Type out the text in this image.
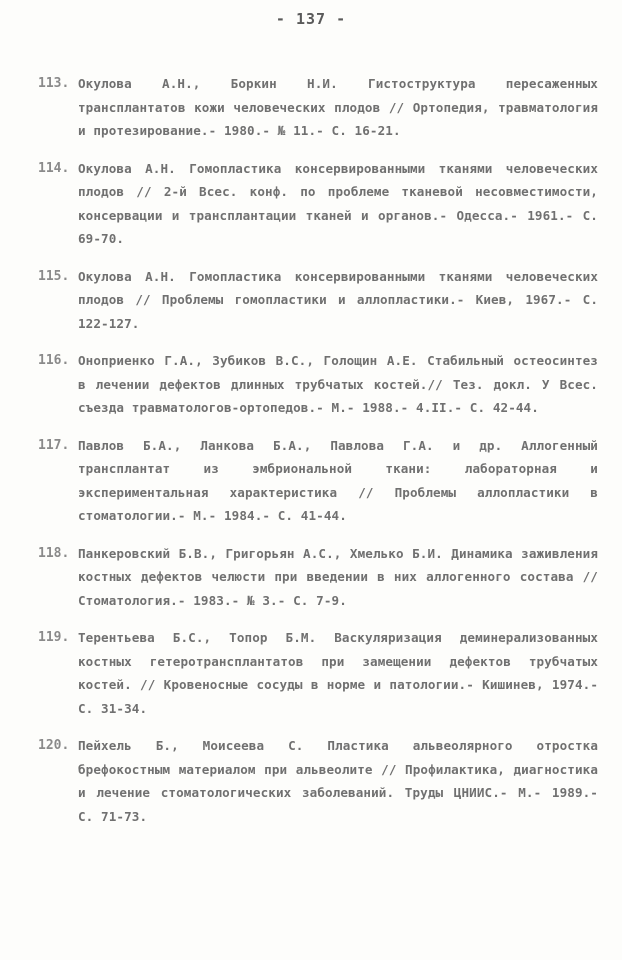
- 137 -
113. Окулова А.Н., Боркин Н.И. Гистоструктура пересаженных трансплантатов кожи человеческих плодов // Ортопедия, травматология и протезирование.- 1980.- № 11.- С. 16-21.
114. Окулова А.Н. Гомопластика консервированными тканями человеческих плодов // 2-й Всес. конф. по проблеме тканевой несовместимости, консервации и трансплантации тканей и органов.- Одесса.- 1961.- С. 69-70.
115. Окулова А.Н. Гомопластика консервированными тканями человеческих плодов // Проблемы гомопластики и аллопластики.- Киев, 1967.- С. 122-127.
116. Оноприенко Г.А., Зубиков В.С., Голощин А.Е. Стабильный остеосинтез в лечении дефектов длинных трубчатых костей.// Тез. докл. У Всес. съезда травматологов-ортопедов.- М.- 1988.- 4.II.- С. 42-44.
117. Павлов Б.А., Ланкова Б.А., Павлова Г.А. и др. Аллогенный трансплантат из эмбриональной ткани: лабораторная и экспериментальная характеристика // Проблемы аллопластики в стоматологии.- М.- 1984.- С. 41-44.
118. Панкеровский Б.В., Григорьян А.С., Хмелько Б.И. Динамика заживления костных дефектов челюсти при введении в них аллогенного состава // Стоматология.- 1983.- № 3.- С. 7-9.
119. Терентьева Б.С., Топор Б.М. Васкуляризация деминерализованных костных гетеротрансплантатов при замещении дефектов трубчатых костей. // Кровеносные сосуды в норме и патологии.- Кишинев, 1974.- С. 31-34.
120. Пейхель Б., Моисеева С. Пластика альвеолярного отростка брефокостным материалом при альвеолите // Профилактика, диагностика и лечение стоматологических заболеваний. Труды ЦНИИС.- М.- 1989.- С. 71-73.
